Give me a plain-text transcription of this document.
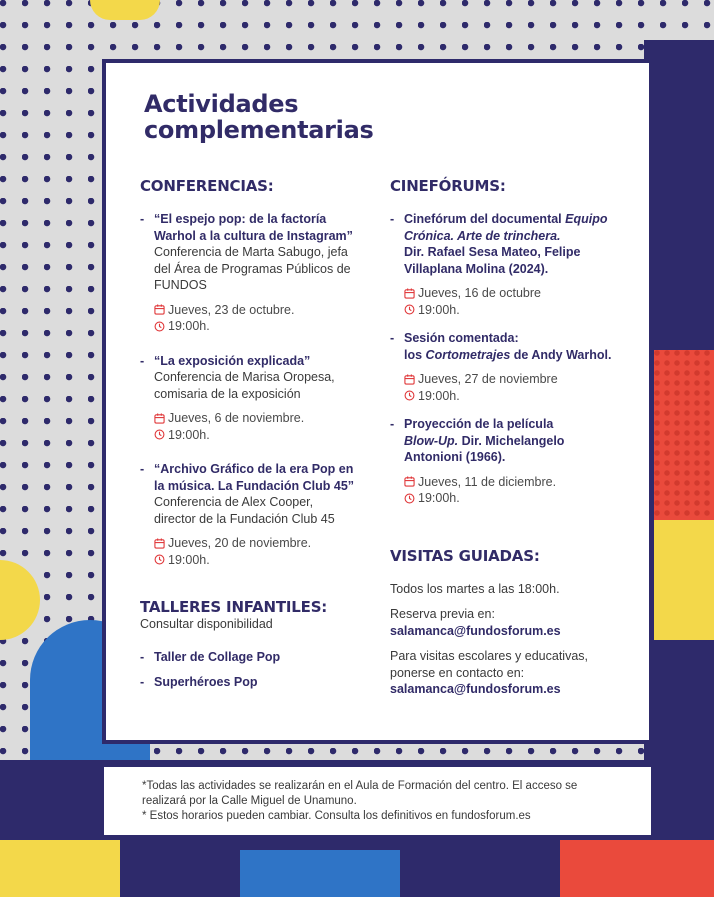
Actividades
complementarias
CONFERENCIAS:
- “El espejo pop: de la factoría
Warhol a la cultura de Instagram”
Conferencia de Marta Sabugo, jefa
del Área de Programas Públicos de
FUNDOS
Jueves, 23 de octubre.
19:00h.
- “La exposición explicada”
Conferencia de Marisa Oropesa,
comisaria de la exposición
Jueves, 6 de noviembre.
19:00h.
- “Archivo Gráfico de la era Pop en
la música. La Fundación Club 45”
Conferencia de Alex Cooper,
director de la Fundación Club 45
Jueves, 20 de noviembre.
19:00h.
TALLERES INFANTILES:
Consultar disponibilidad
- Taller de Collage Pop
- Superhéroes Pop
CINEFÓRUMS:
- Cinefórum del documental Equipo
Crónica. Arte de trinchera.
Dir. Rafael Sesa Mateo, Felipe
Villaplana Molina (2024).
Jueves, 16 de octubre
19:00h.
- Sesión comentada:
los Cortometrajes de Andy Warhol.
Jueves, 27 de noviembre
19:00h.
- Proyección de la película
Blow-Up. Dir. Michelangelo
Antonioni (1966).
Jueves, 11 de diciembre.
19:00h.
VISITAS GUIADAS:
Todos los martes a las 18:00h.
Reserva previa en:
salamanca@fundosforum.es
Para visitas escolares y educativas,
ponerse en contacto en:
salamanca@fundosforum.es

*Todas las actividades se realizarán en el Aula de Formación del centro. El acceso se

realizará por la Calle Miguel de Unamuno.

* Estos horarios pueden cambiar. Consulta los definitivos en fundosforum.es
